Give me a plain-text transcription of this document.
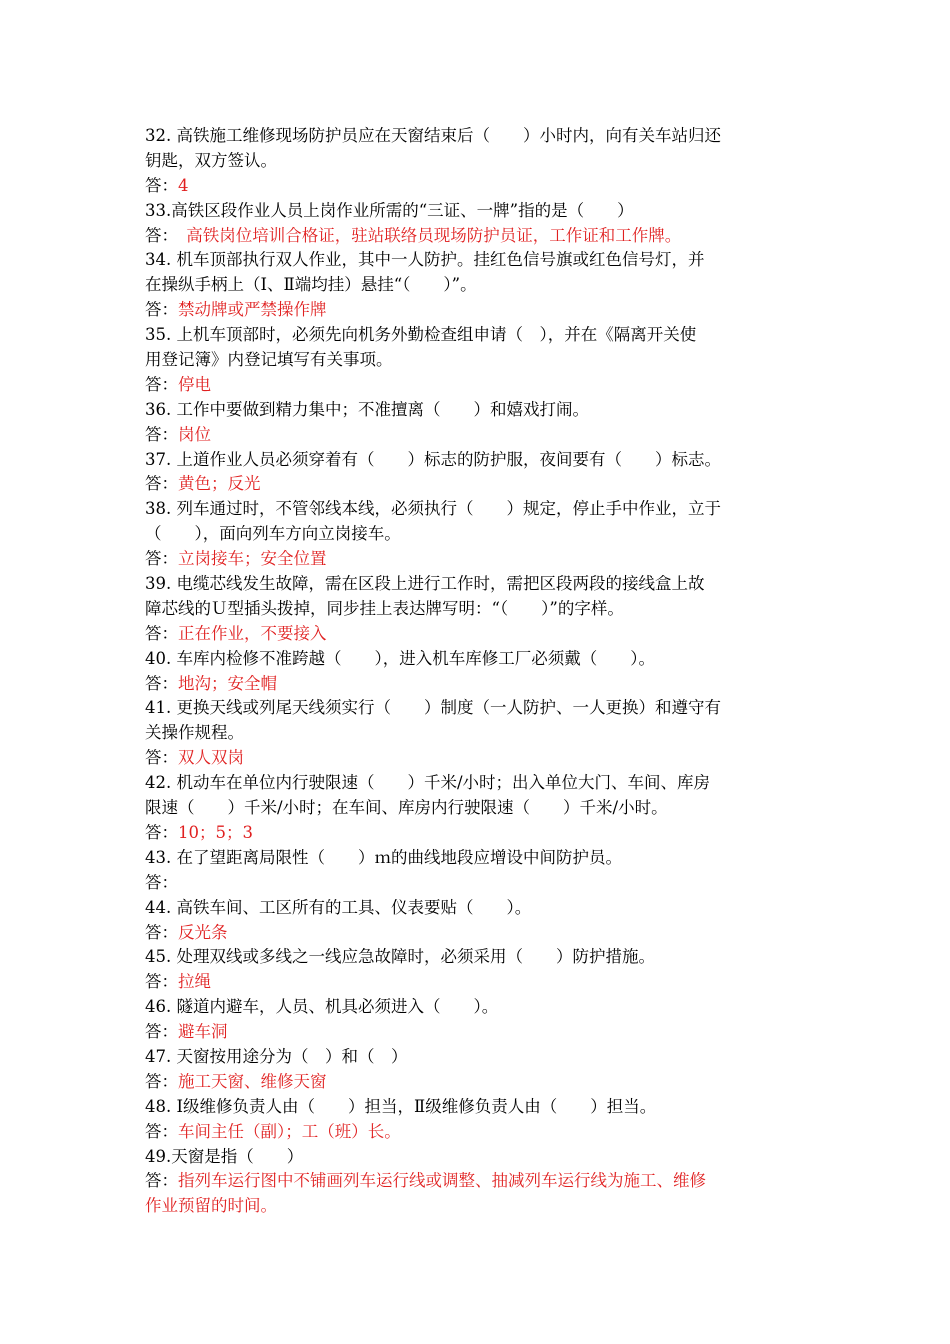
32. 高铁施工维修现场防护员应在天窗结束后（　　）小时内，向有关车站归还
钥匙，双方签认。
答：4
33.高铁区段作业人员上岗作业所需的“三证、一牌”指的是（　　）
答：　高铁岗位培训合格证，驻站联络员现场防护员证，工作证和工作牌。
34. 机车顶部执行双人作业，其中一人防护。挂红色信号旗或红色信号灯，并
在操纵手柄上（Ⅰ、Ⅱ端均挂）悬挂“（　　）”。
答：禁动牌或严禁操作牌
35. 上机车顶部时，必须先向机务外勤检查组申请（　），并在《隔离开关使
用登记簿》内登记填写有关事项。
答：停电
36. 工作中要做到精力集中；不准擅离（　　）和嬉戏打闹。
答：岗位
37. 上道作业人员必须穿着有（　　）标志的防护服，夜间要有（　　）标志。
答：黄色；反光
38. 列车通过时，不管邻线本线，必须执行（　　）规定，停止手中作业，立于
（　　），面向列车方向立岗接车。
答：立岗接车；安全位置
39. 电缆芯线发生故障，需在区段上进行工作时，需把区段两段的接线盒上故
障芯线的Ｕ型插头拨掉，同步挂上表达牌写明：“（　　）”的字样。
答：正在作业，不要接入
40. 车库内检修不准跨越（　　），进入机车库修工厂必须戴（　　）。
答：地沟；安全帽
41. 更换天线或列尾天线须实行（　　）制度（一人防护、一人更换）和遵守有
关操作规程。
答：双人双岗
42. 机动车在单位内行驶限速（　　）千米/小时；出入单位大门、车间、库房
限速（　　）千米/小时；在车间、库房内行驶限速（　　）千米/小时。
答：10；5；3
43. 在了望距离局限性（　　）ｍ的曲线地段应增设中间防护员。
答：
44. 高铁车间、工区所有的工具、仪表要贴（　　）。
答：反光条
45. 处理双线或多线之一线应急故障时，必须采用（　　）防护措施。
答：拉绳
46. 隧道内避车，人员、机具必须进入（　　）。
答：避车洞
47. 天窗按用途分为（　）和（　）
答：施工天窗、维修天窗
48. Ⅰ级维修负责人由（　　）担当，Ⅱ级维修负责人由（　　）担当。
答：车间主任（副）；工（班）长。
49.天窗是指（　　）
答：指列车运行图中不铺画列车运行线或调整、抽减列车运行线为施工、维修
作业预留的时间。
